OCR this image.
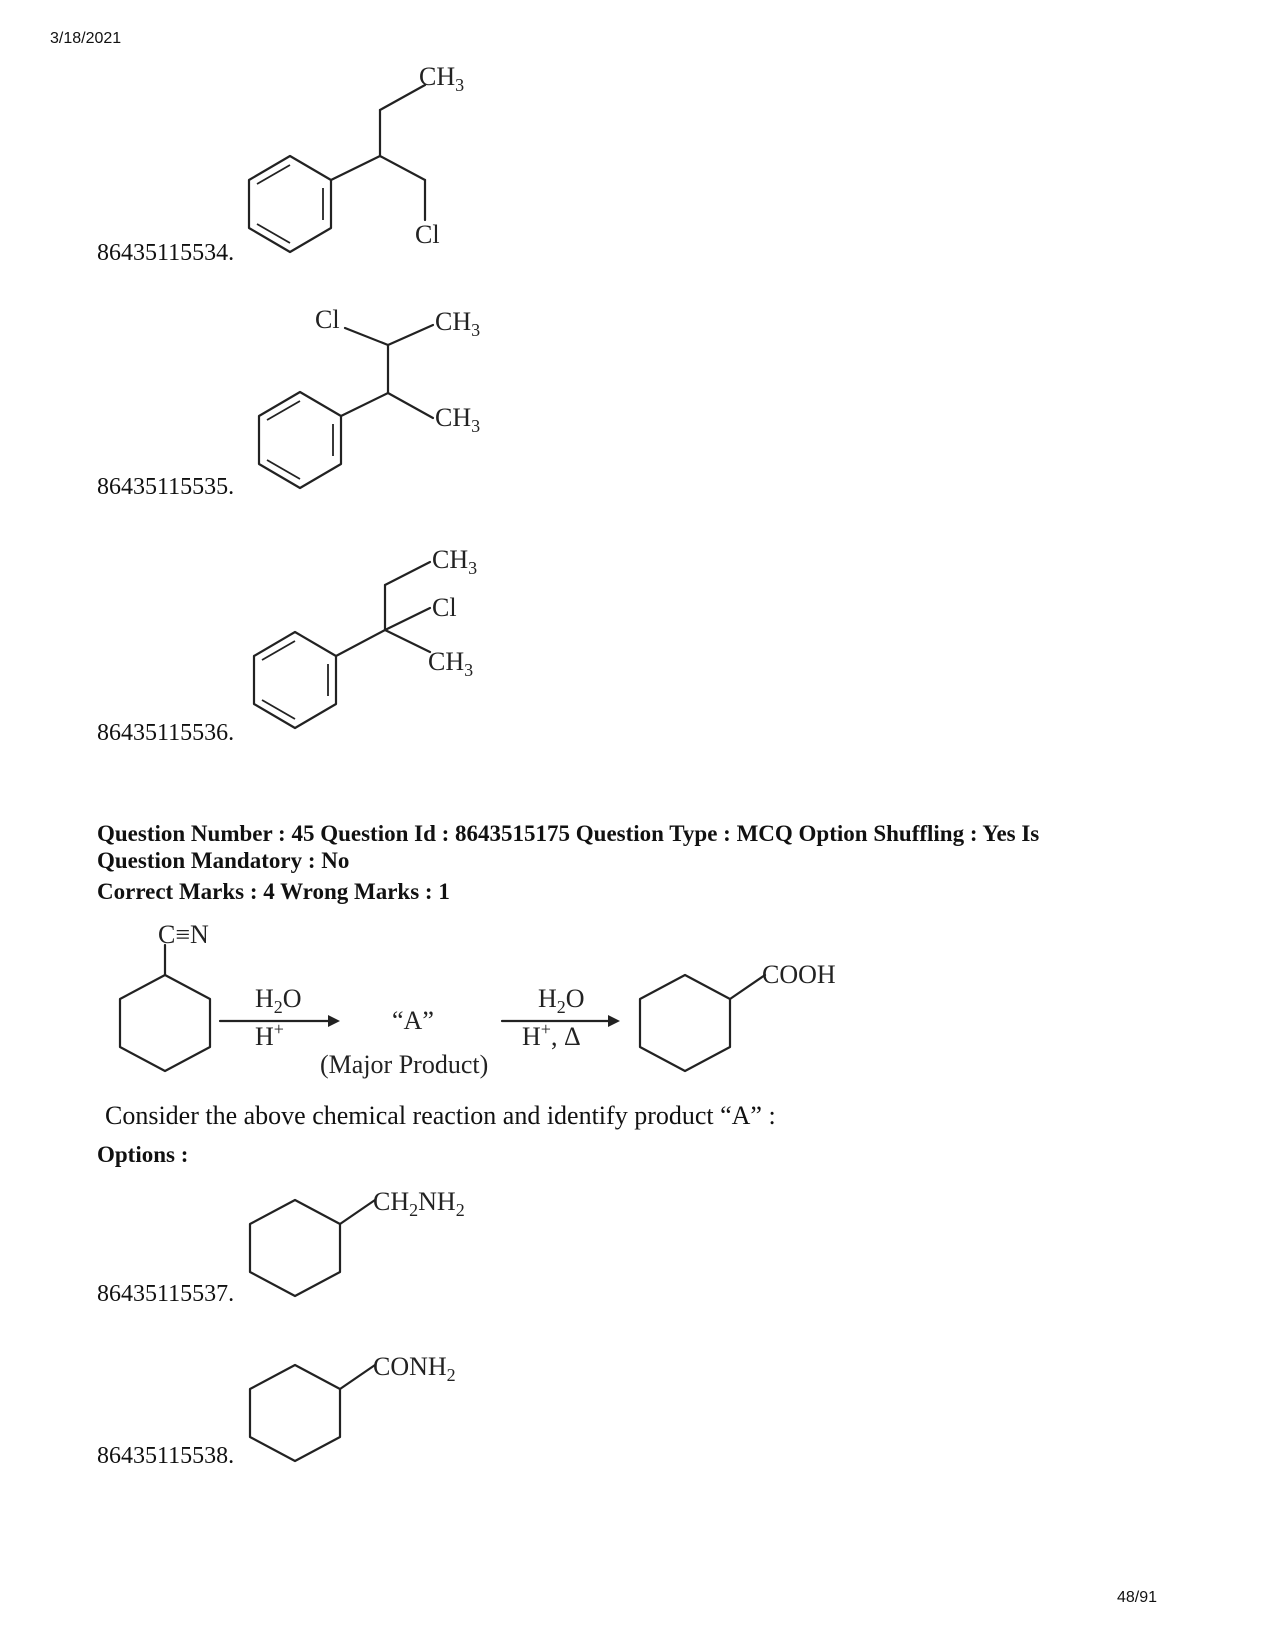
3/18/2021
48/91
$CH_3$
Cl
86435115534.
Cl	$CH_3$
$CH_3$
86435115535.
$CH_3$
Cl
$CH_3$
86435115536.
Question Number : 45 Question Id : 8643515175 Question Type : MCQ Option Shuffling : Yes Is
Question Mandatory : No
Correct Marks : 4 Wrong Marks : 1
C≡N
$H_2O$
H+	“A”
(Major Product)
$H_2O$
H+, Δ
COOH
Consider the above chemical reaction and identify product “A” :
Options :
$CH_2NH_2$
86435115537.
$CONH_2$
86435115538.
